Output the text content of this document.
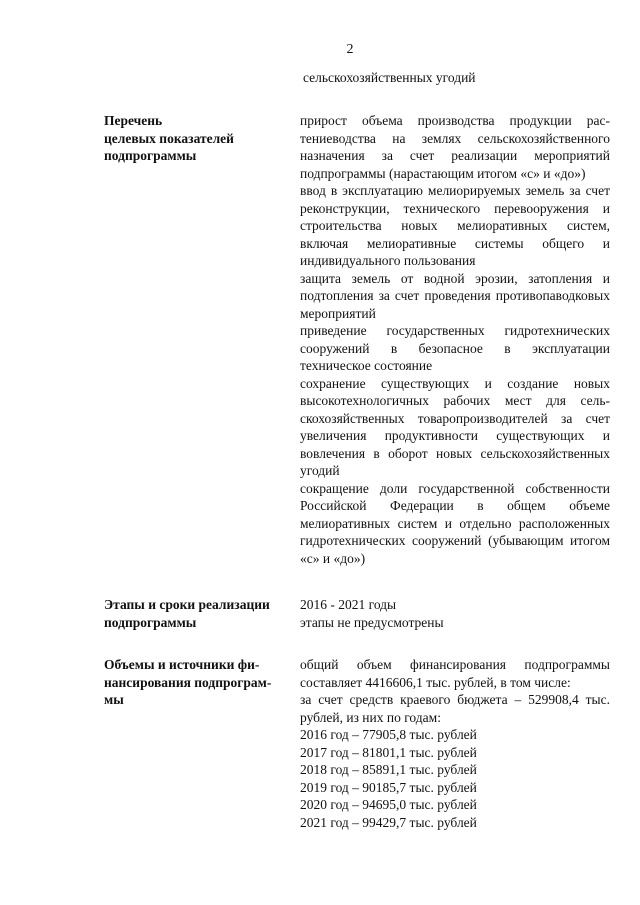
2
сельскохозяйственных угодий
Перечень
целевых показателей
подпрограммы

прирост объема производства продукции растениеводства на землях сельскохозяйственного назначения за счет реализации мероприятий подпрограммы (нарастающим итогом «с» и «до»)

ввод в эксплуатацию мелиорируемых земель за счет реконструкции, технического перевооружения и строительства новых мелиоративных систем, включая мелиоративные системы общего и индивидуального пользования

защита земель от водной эрозии, затопления и подтопления за счет проведения противопаводковых мероприятий

приведение государственных гидротехнических сооружений в безопасное в эксплуатации техническое состояние

сохранение существующих и создание новых высокотехнологичных рабочих мест для сельскохозяйственных товаропроизводителей за счет увеличения продуктивности существующих и вовлечения в оборот новых сельскохозяйственных угодий

сокращение доли государственной собственности Российской Федерации в общем объеме мелиоративных систем и отдельно расположенных гидротехнических сооружений (убывающим итогом «с» и «до»)

Этапы и сроки реализации
подпрограммы

2016 - 2021 годы

этапы не предусмотрены

Объемы и источники фи-
нансирования подпрограм-
мы

общий объем финансирования подпрограммы составляет 4416606,1 тыс. рублей, в том числе:

за счет средств краевого бюджета – 529908,4 тыс. рублей, из них по годам:

2016 год – 77905,8 тыс. рублей

2017 год – 81801,1 тыс. рублей

2018 год – 85891,1 тыс. рублей

2019 год – 90185,7 тыс. рублей

2020 год – 94695,0 тыс. рублей

2021 год – 99429,7 тыс. рублей
